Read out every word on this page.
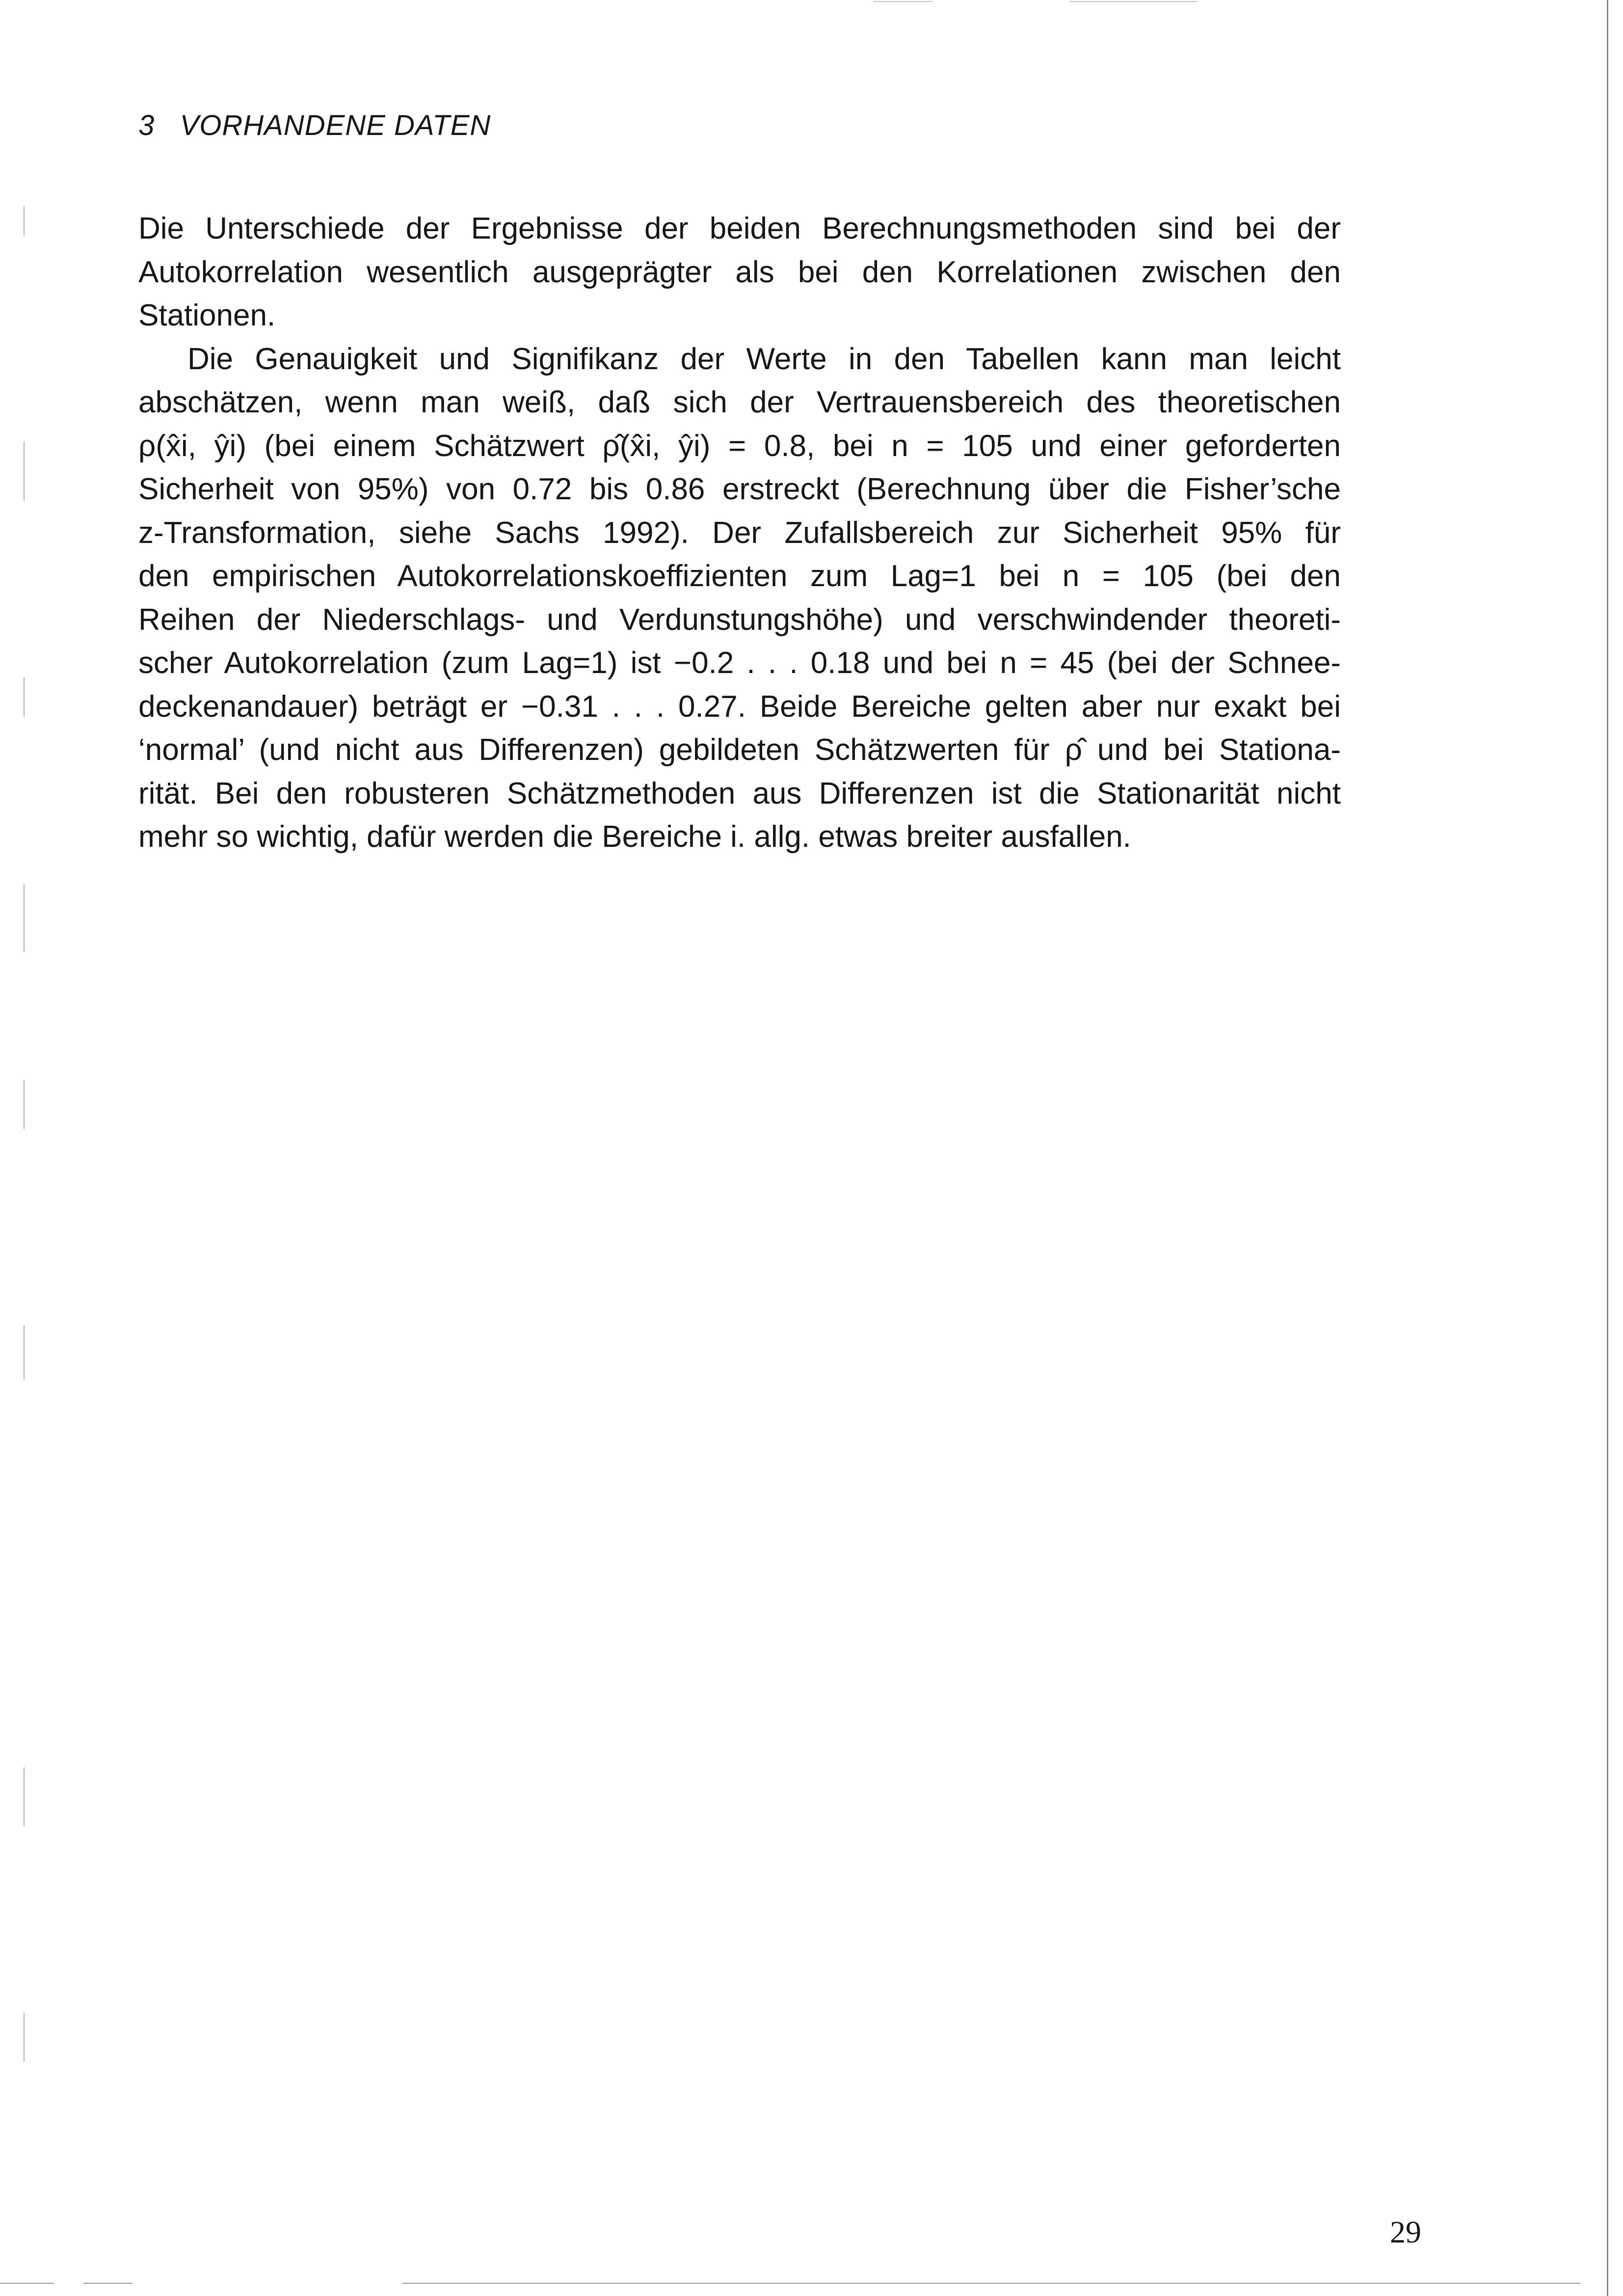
3 VORHANDENE DATEN
Die Unterschiede der Ergebnisse der beiden Berechnungsmethoden sind bei der
Autokorrelation wesentlich ausgeprägter als bei den Korrelationen zwischen den
Stationen.
Die Genauigkeit und Signifikanz der Werte in den Tabellen kann man leicht
abschätzen, wenn man weiß, daß sich der Vertrauensbereich des theoretischen
ρ(x̂i, ŷi) (bei einem Schätzwert ρ̂(x̂i, ŷi) = 0.8, bei n = 105 und einer geforderten
Sicherheit von 95%) von 0.72 bis 0.86 erstreckt (Berechnung über die Fisher’sche
z-Transformation, siehe Sachs 1992). Der Zufallsbereich zur Sicherheit 95% für
den empirischen Autokorrelationskoeffizienten zum Lag=1 bei n = 105 (bei den
Reihen der Niederschlags- und Verdunstungshöhe) und verschwindender theoreti-
scher Autokorrelation (zum Lag=1) ist −0.2 . . . 0.18 und bei n = 45 (bei der Schnee-
deckenandauer) beträgt er −0.31 . . . 0.27. Beide Bereiche gelten aber nur exakt bei
‘normal’ (und nicht aus Differenzen) gebildeten Schätzwerten für ρ̂ und bei Stationa-
rität. Bei den robusteren Schätzmethoden aus Differenzen ist die Stationarität nicht
mehr so wichtig, dafür werden die Bereiche i. allg. etwas breiter ausfallen.
29
